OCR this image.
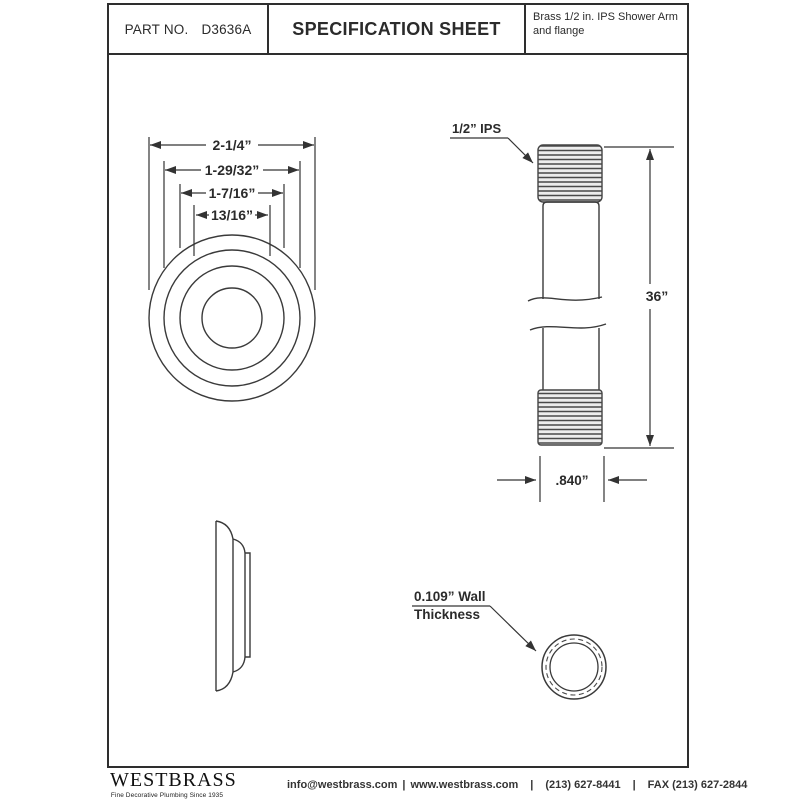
PART NO. D3636A SPECIFICATION SHEET
Brass 1/2 in. IPS Shower Arm
and flange
2-1/4”
1-29/32”
1-7/16”
13/16”
1/2” IPS
36”
.840”
0.109” Wall
Thickness
WESTBRASS
Fine Decorative Plumbing Since 1935
info@westbrass.com | www.westbrass.com | (213) 627-8441 | FAX (213) 627-2844
